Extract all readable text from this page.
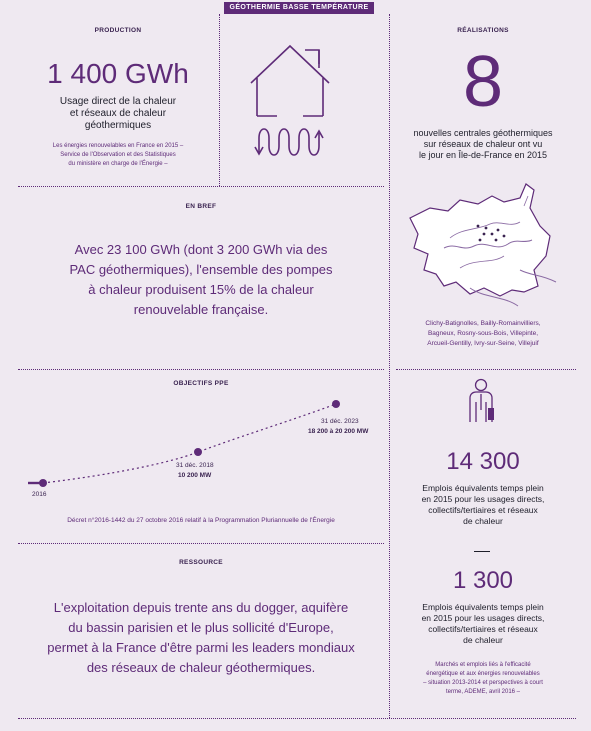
GÉOTHERMIE BASSE TEMPÉRATURE
PRODUCTION
1 400 GWh
Usage direct de la chaleur
et réseaux de chaleur
géothermiques
Les énergies renouvelables en France en 2015 –
Service de l'Observation et des Statistiques
du ministère en charge de l'Énergie –
RÉALISATIONS
8
nouvelles centrales géothermiques
sur réseaux de chaleur ont vu
le jour en Île-de-France en 2015
Clichy-Batignolles, Bailly-Romainvilliers,
Bagneux, Rosny-sous-Bois, Villepinte,
Arcueil-Gentilly, Ivry-sur-Seine, Villejuif
EN BREF
Avec 23 100 GWh (dont 3 200 GWh via des
PAC géothermiques), l'ensemble des pompes
à chaleur produisent 15% de la chaleur
renouvelable française.
OBJECTIFS PPE
2016
31 déc. 2018
10 200 MW
31 déc. 2023
18 200 à 20 200 MW
Décret n°2016-1442 du 27 octobre 2016 relatif à la Programmation Pluriannuelle de l'Énergie
14 300
Emplois équivalents temps plein
en 2015 pour les usages directs,
collectifs/tertiaires et réseaux
de chaleur
1 300
Emplois équivalents temps plein
en 2015 pour les usages directs,
collectifs/tertiaires et réseaux
de chaleur
Marchés et emplois liés à l'efficacité
énergétique et aux énergies renouvelables
– situation 2013-2014 et perspectives à court
terme, ADEME, avril 2016 –
RESSOURCE
L'exploitation depuis trente ans du dogger, aquifère
du bassin parisien et le plus sollicité d'Europe,
permet à la France d'être parmi les leaders mondiaux
des réseaux de chaleur géothermiques.
